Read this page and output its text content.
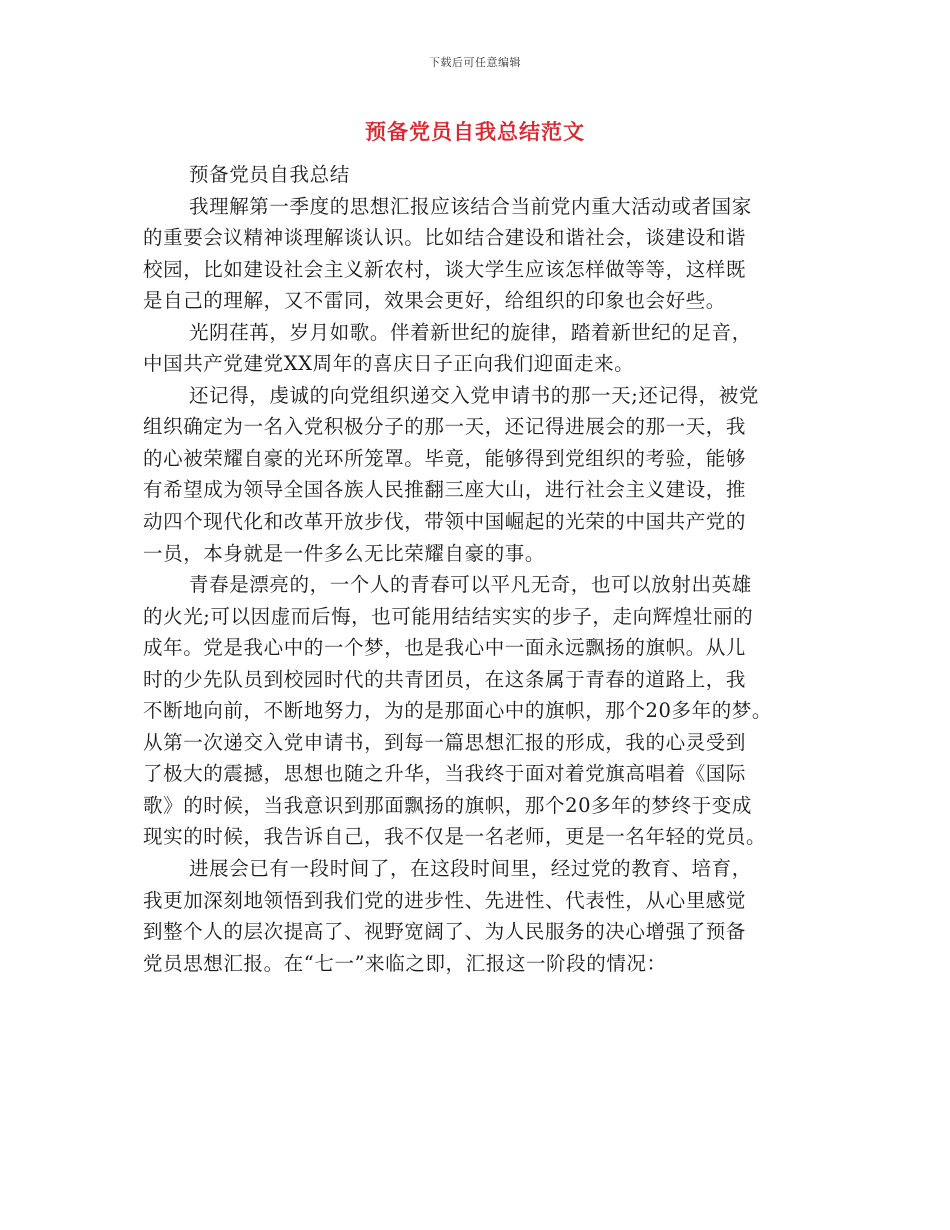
下载后可任意编辑
预备党员自我总结范文
预备党员自我总结
我理解第一季度的思想汇报应该结合当前党内重大活动或者国家
的重要会议精神谈理解谈认识。比如结合建设和谐社会，谈建设和谐
校园，比如建设社会主义新农村，谈大学生应该怎样做等等，这样既
是自己的理解，又不雷同，效果会更好，给组织的印象也会好些。
光阴荏苒，岁月如歌。伴着新世纪的旋律，踏着新世纪的足音，
中国共产党建党XX周年的喜庆日子正向我们迎面走来。
还记得，虔诚的向党组织递交入党申请书的那一天;还记得，被党
组织确定为一名入党积极分子的那一天，还记得进展会的那一天，我
的心被荣耀自豪的光环所笼罩。毕竟，能够得到党组织的考验，能够
有希望成为领导全国各族人民推翻三座大山，进行社会主义建设，推
动四个现代化和改革开放步伐，带领中国崛起的光荣的中国共产党的
一员，本身就是一件多么无比荣耀自豪的事。
青春是漂亮的，一个人的青春可以平凡无奇，也可以放射出英雄
的火光;可以因虚而后悔，也可能用结结实实的步子，走向辉煌壮丽的
成年。党是我心中的一个梦，也是我心中一面永远飘扬的旗帜。从儿
时的少先队员到校园时代的共青团员，在这条属于青春的道路上，我
不断地向前，不断地努力，为的是那面心中的旗帜，那个20多年的梦。
从第一次递交入党申请书，到每一篇思想汇报的形成，我的心灵受到
了极大的震撼，思想也随之升华，当我终于面对着党旗高唱着《国际
歌》的时候，当我意识到那面飘扬的旗帜，那个20多年的梦终于变成
现实的时候，我告诉自己，我不仅是一名老师，更是一名年轻的党员。
进展会已有一段时间了，在这段时间里，经过党的教育、培育，
我更加深刻地领悟到我们党的进步性、先进性、代表性，从心里感觉
到整个人的层次提高了、视野宽阔了、为人民服务的决心增强了预备
党员思想汇报。在“七一”来临之即，汇报这一阶段的情况：
